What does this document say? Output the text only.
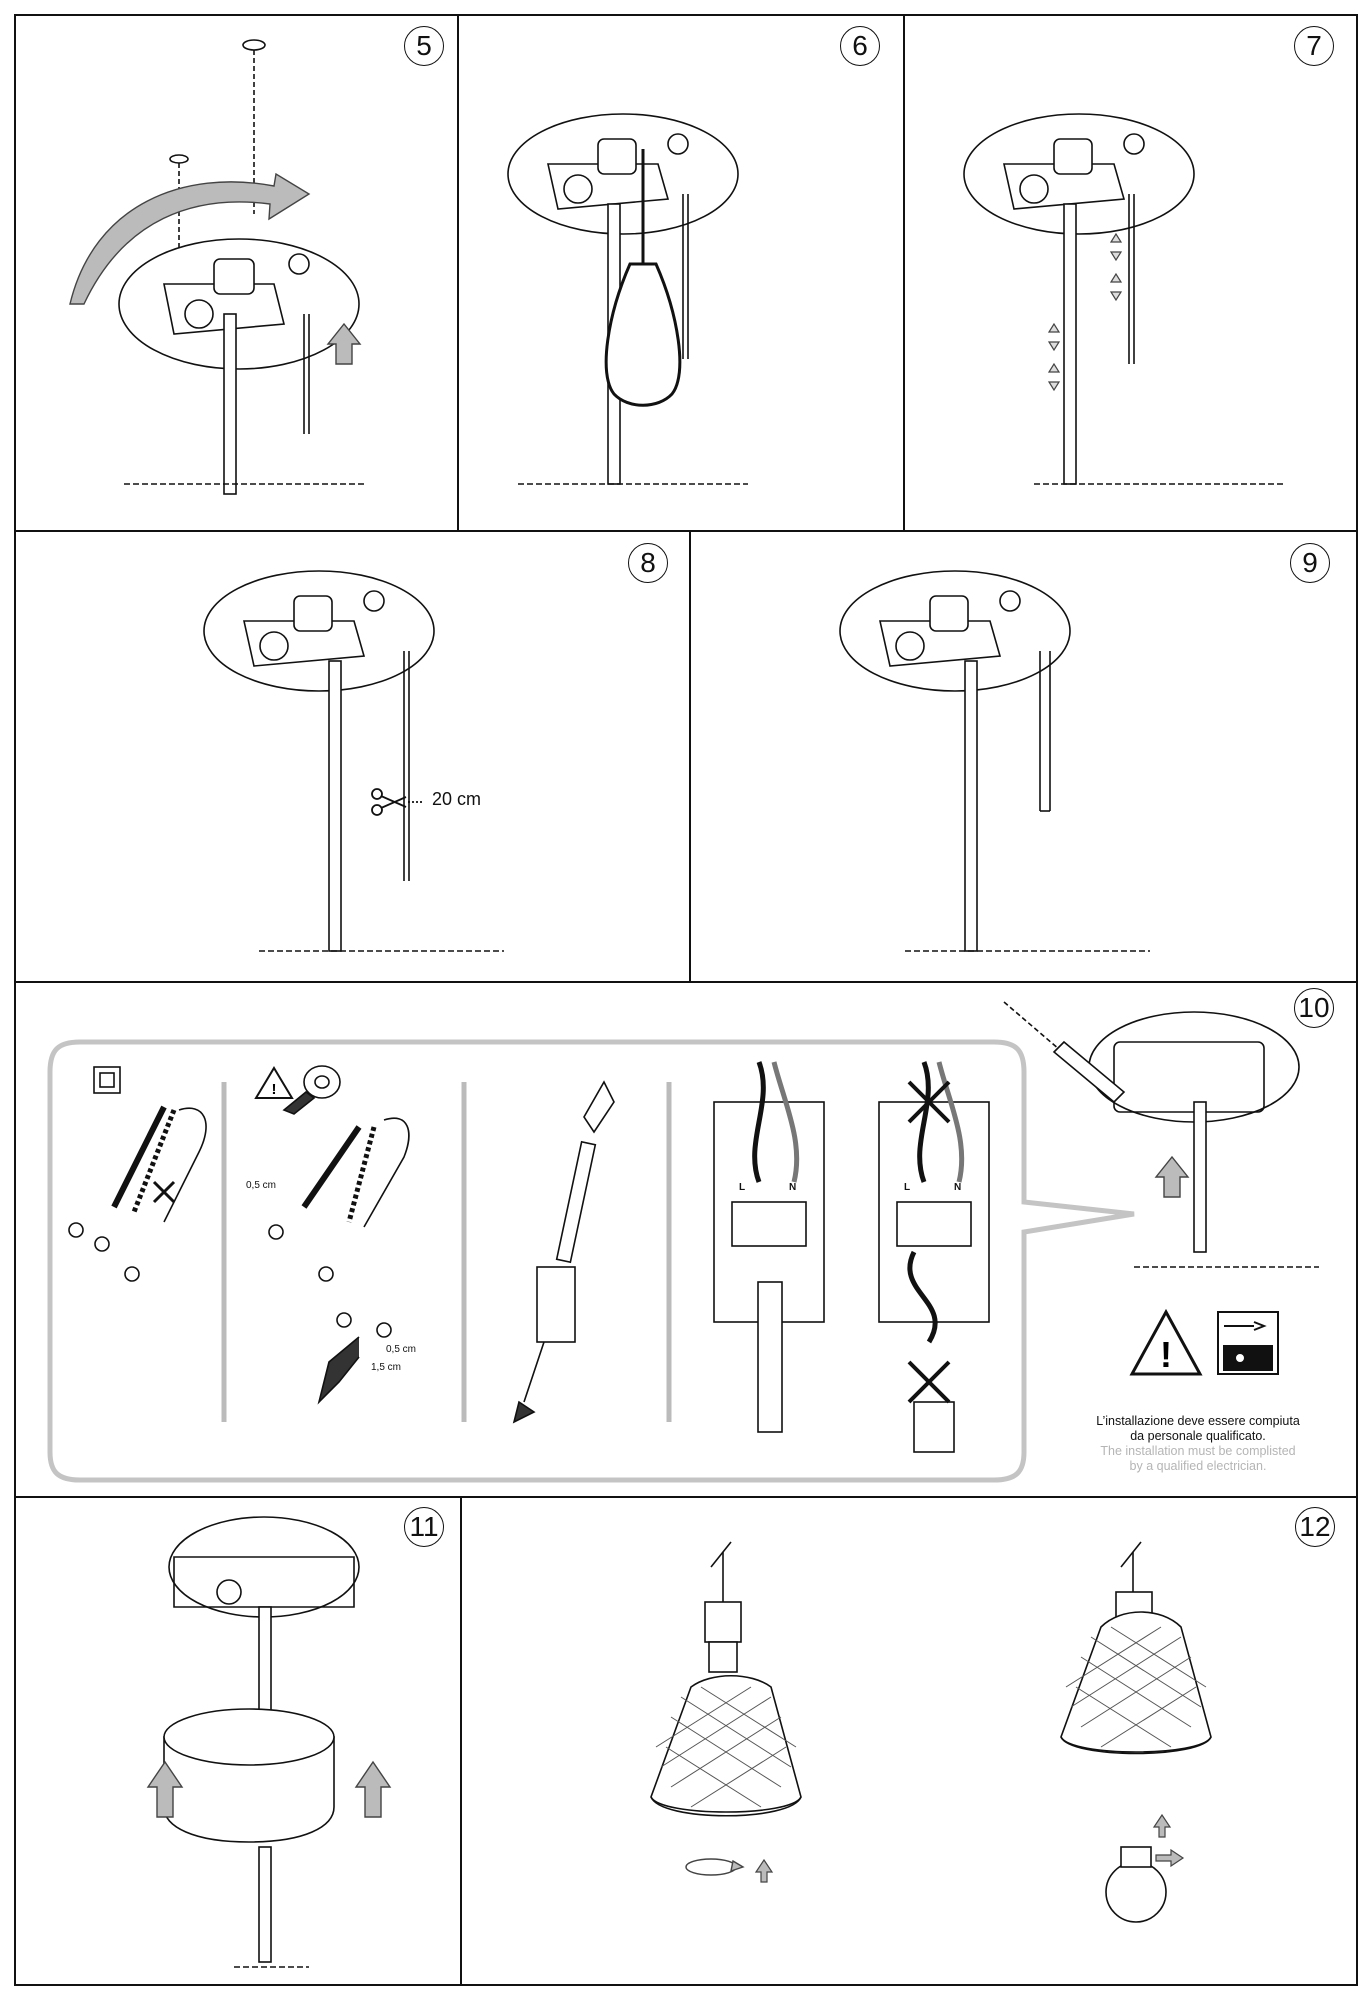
5	6	7
8
20 cm
9
10
!
!
0,5 cm
0,5 cm
1,5 cm
L	N	L	N
L’installazione deve essere compiuta
da personale qualificato.
The installation must be complisted
by a qualified electrician.
11	12
